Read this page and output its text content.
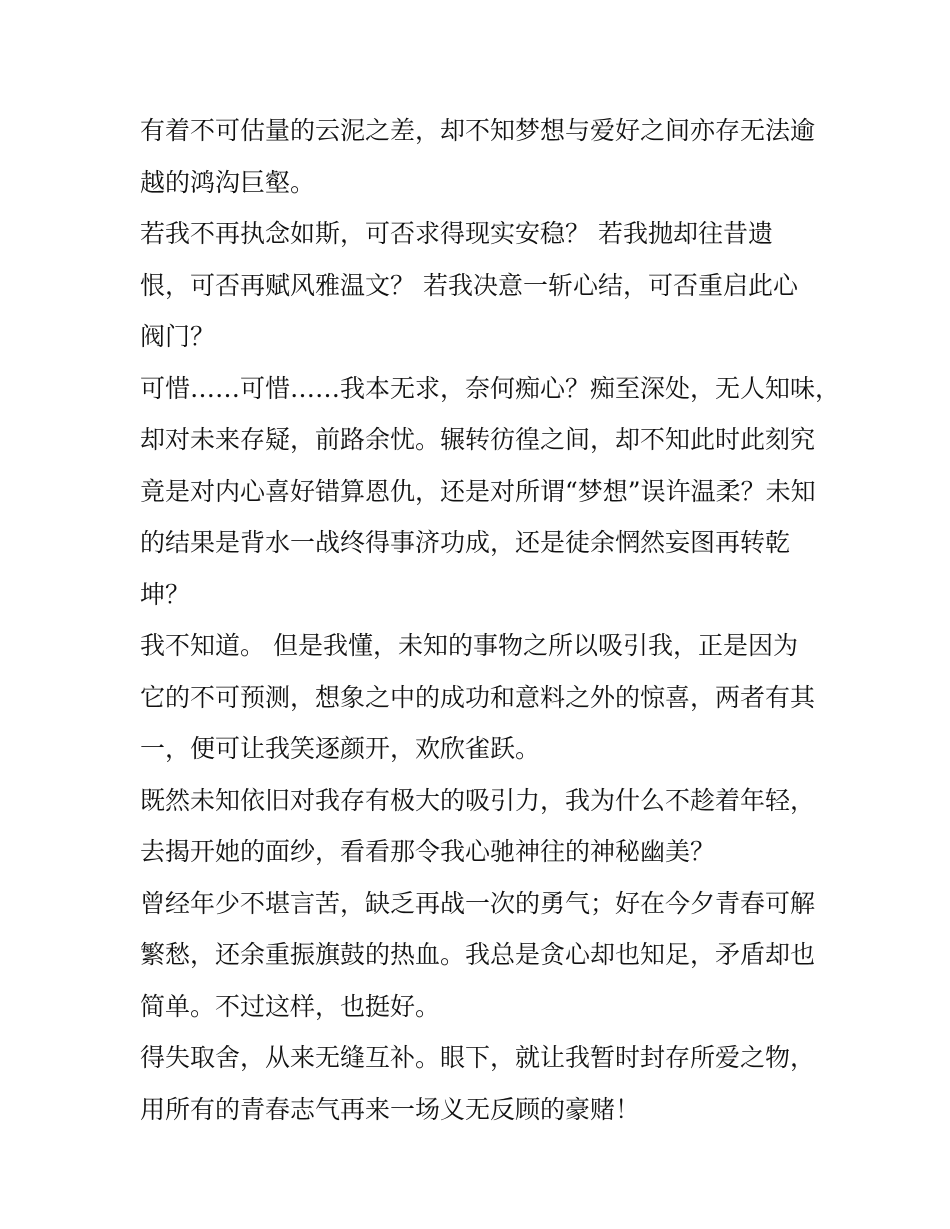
有着不可估量的云泥之差，却不知梦想与爱好之间亦存无法逾
越的鸿沟巨壑。
若我不再执念如斯，可否求得现实安稳？ 若我抛却往昔遗
恨，可否再赋风雅温文？ 若我决意一斩心结，可否重启此心
阀门？
可惜……可惜……我本无求，奈何痴心？痴至深处，无人知味，
却对未来存疑，前路余忧。辗转彷徨之间，却不知此时此刻究
竟是对内心喜好错算恩仇，还是对所谓“梦想”误许温柔？未知
的结果是背水一战终得事济功成，还是徒余惘然妄图再转乾
坤？
我不知道。 但是我懂，未知的事物之所以吸引我，正是因为
它的不可预测，想象之中的成功和意料之外的惊喜，两者有其
一，便可让我笑逐颜开，欢欣雀跃。
既然未知依旧对我存有极大的吸引力，我为什么不趁着年轻，
去揭开她的面纱，看看那令我心驰神往的神秘幽美？
曾经年少不堪言苦，缺乏再战一次的勇气；好在今夕青春可解
繁愁，还余重振旗鼓的热血。我总是贪心却也知足，矛盾却也
简单。不过这样，也挺好。
得失取舍，从来无缝互补。眼下，就让我暂时封存所爱之物，
用所有的青春志气再来一场义无反顾的豪赌！
